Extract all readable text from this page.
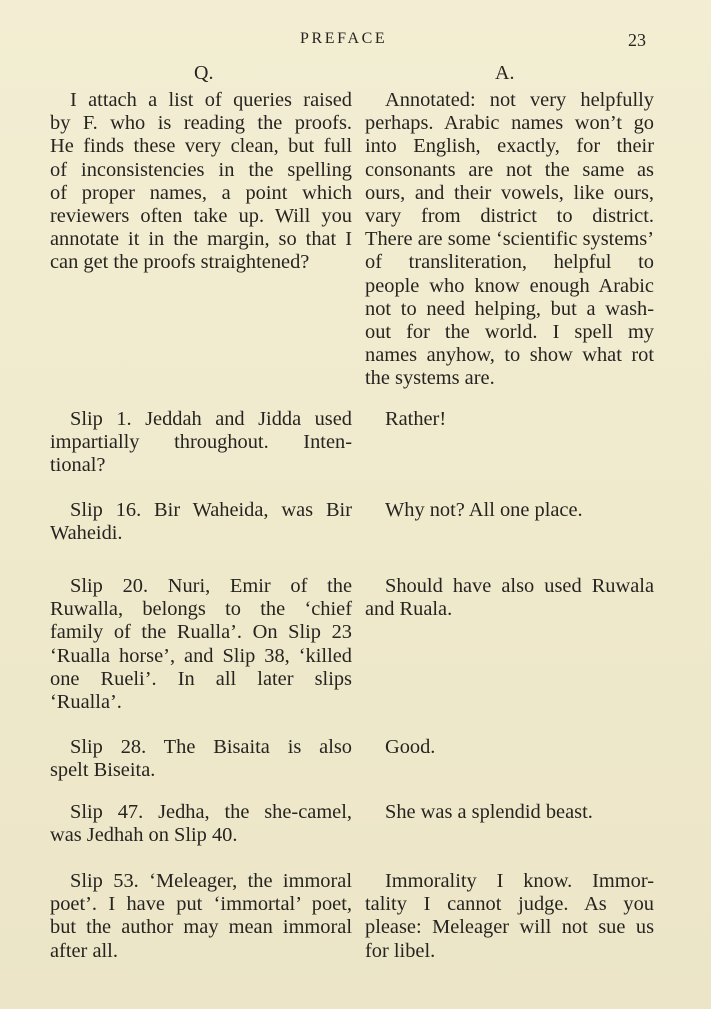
PREFACE	23
Q.	A.
I attach a list of queries raised
by F. who is reading the proofs.
He finds these very clean, but full
of inconsistencies in the spelling
of proper names, a point which
reviewers often take up. Will you
annotate it in the margin, so that I
can get the proofs straightened?
Annotated: not very helpfully
perhaps. Arabic names won’t go
into English, exactly, for their
consonants are not the same as
ours, and their vowels, like ours,
vary from district to district.
There are some ‘scientific systems’
of transliteration, helpful to
people who know enough Arabic
not to need helping, but a wash-
out for the world. I spell my
names anyhow, to show what rot
the systems are.
Slip 1. Jeddah and Jidda used
impartially throughout. Inten-
tional?
Rather!
Slip 16. Bir Waheida, was Bir
Waheidi.
Why not? All one place.
Slip 20. Nuri, Emir of the
Ruwalla, belongs to the ‘chief
family of the Rualla’. On Slip 23
‘Rualla horse’, and Slip 38, ‘killed
one Rueli’. In all later slips
‘Rualla’.
Should have also used Ruwala
and Ruala.
Slip 28. The Bisaita is also
spelt Biseita.
Good.
Slip 47. Jedha, the she-camel,
was Jedhah on Slip 40.
She was a splendid beast.
Slip 53. ‘Meleager, the immoral
poet’. I have put ‘immortal’ poet,
but the author may mean immoral
after all.
Immorality I know. Immor-
tality I cannot judge. As you
please: Meleager will not sue us
for libel.
